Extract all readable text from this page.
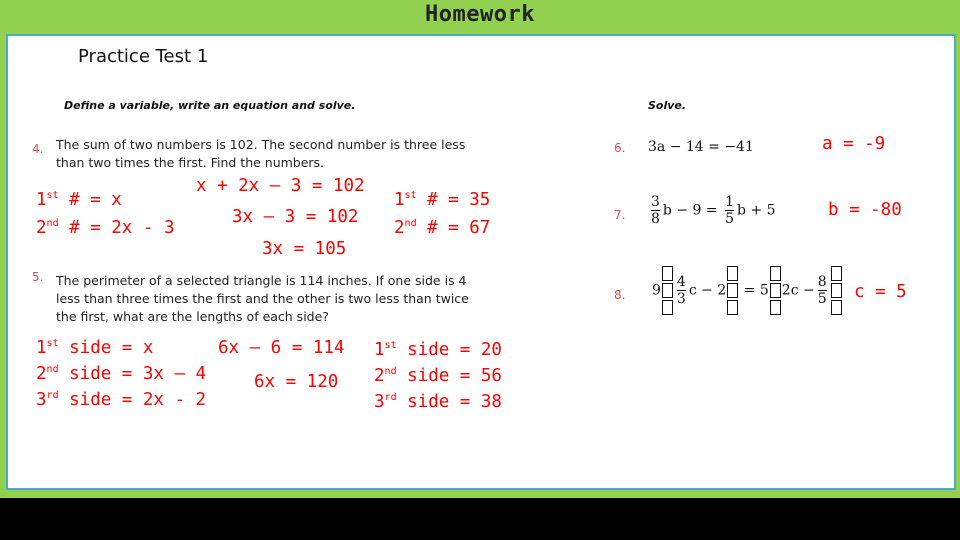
Homework
Practice Test 1
Define a variable, write an equation and solve.	Solve.
4. The sum of two numbers is 102. The second number is three less than two times the first. Find the numbers.
1st # = x
2nd # = 2x - 3
x + 2x – 3 = 102
3x – 3 = 102
3x = 105
1st # = 35
2nd # = 67
5. The perimeter of a selected triangle is 114 inches. If one side is 4 less than three times the first and the other is two less than twice the first, what are the lengths of each side?
1st side = x
2nd side = 3x – 4
3rd side = 2x - 2
6x – 6 = 114
6x = 120
1st side = 20
2nd side = 56
3rd side = 38
6. 3a − 14 = −41	a = -9
7. $\frac{3}{8}$ $b - 9 = \frac{1}{5}$ b + 5	b = -80
8. $9 \frac{4}{3}$ c − 2
= 5 $2c - \frac{8}{5}$ c = 5
